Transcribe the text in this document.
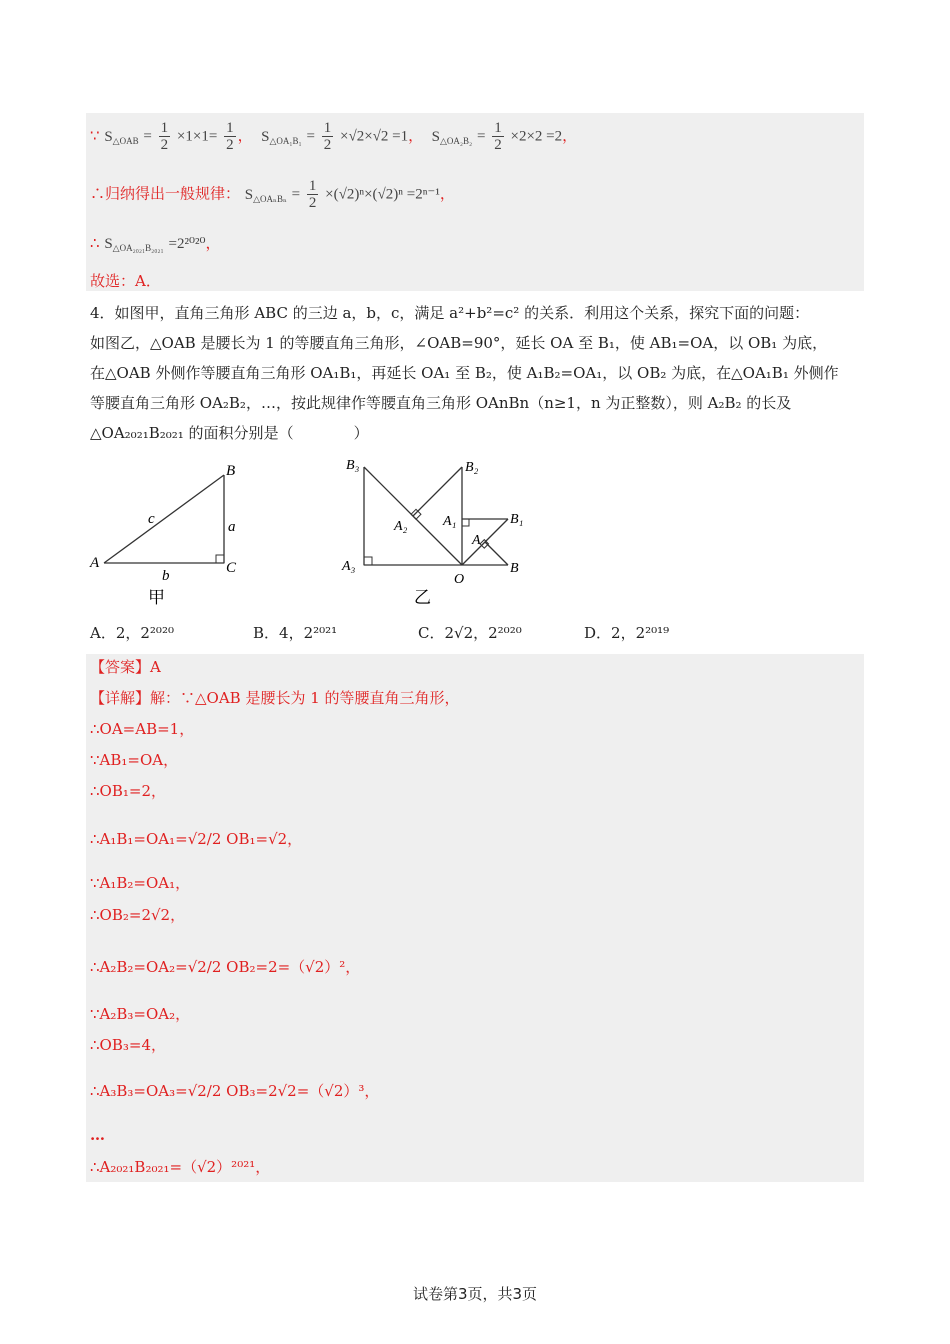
∵ $S_{\triangle OAB} = \frac{1}{2} \times 1\times 1= \frac{1}{2}$ ，  $S_{\triangle OA_1B_1} = \frac{1}{2} \times√2\times√2 =1$，  $S_{\triangle OA_2B_2} = \frac{1}{2} \times 2\times 2 =2$，
∴归纳得出一般规律： $S_{\triangle OA_nB_n} = \frac{1}{2} \times(√2)^n\times(√2)^n =2^{n-1}$，
∴ $S_{\triangle OA_{2021}B_{2021}} =2^{2020}$，
故选：A．
4．如图甲，直角三角形 ABC 的三边 a，b，c，满足 a²+b²=c² 的关系．利用这个关系，探究下面的问题：
如图乙，△OAB 是腰长为 1 的等腰直角三角形，∠OAB=90°，延长 OA 至 B₁，使 AB₁=OA，以 OB₁ 为底，
在△OAB 外侧作等腰直角三角形 OA₁B₁，再延长 OA₁ 至 B₂，使 A₁B₂=OA₁，以 OB₂ 为底，在△OA₁B₁ 外侧作
等腰直角三角形 OA₂B₂，…，按此规律作等腰直角三角形 OAnBn（n≥1，n 为正整数），则 A₂B₂ 的长及
△OA₂₀₂₁B₂₀₂₁ 的面积分别是（　　　　）
A
B
C
a
b
c
甲
B₃	B₂
B₁
B
A₃
A₂	A₁
A
O
乙
A．2，2²⁰²⁰	B．4，2²⁰²¹	C．2√2，2²⁰²⁰	D．2，2²⁰¹⁹
【答案】A
【详解】解：∵△OAB 是腰长为 1 的等腰直角三角形，
∴OA=AB=1，
∵AB₁=OA，
∴OB₁=2，
∴A₁B₁=OA₁=√2/2 OB₁=√2，
∵A₁B₂=OA₁，
∴OB₂=2√2，
∴A₂B₂=OA₂=√2/2 OB₂=2=（√2）²，
∵A₂B₃=OA₂，
∴OB₃=4，
∴A₃B₃=OA₃=√2/2 OB₃=2√2=（√2）³，
…
∴A₂₀₂₁B₂₀₂₁=（√2）²⁰²¹，
试卷第3页，共3页
